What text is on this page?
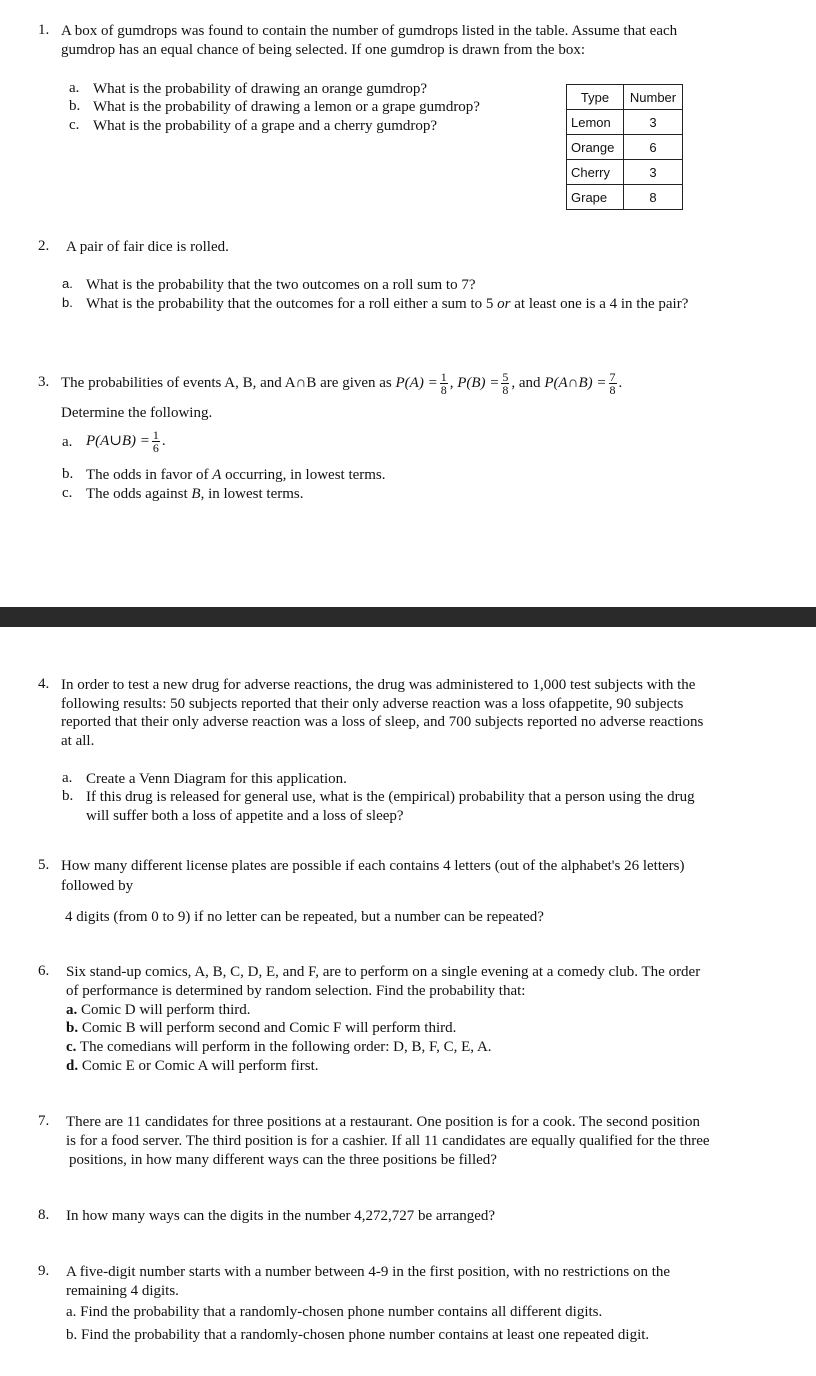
1. A box of gumdrops was found to contain the number of gumdrops listed in the table. Assume that each
gumdrop has an equal chance of being selected. If one gumdrop is drawn from the box:
a. What is the probability of drawing an orange gumdrop?
b. What is the probability of drawing a lemon or a grape gumdrop?
c. What is the probability of a grape and a cherry gumdrop?
Type	Number
Lemon	3
Orange	6
Cherry	3
Grape	8
2. A pair of fair dice is rolled.
a. What is the probability that the two outcomes on a roll sum to 7?
b. What is the probability that the outcomes for a roll either a sum to 5 or at least one is a 4 in the pair?
3. The probabilities of events A, B, and A∩B are given as $P(A) = \frac{1}{8}$ , $P(B) = \frac{5}{8}$ , and P(A∩B) = $\frac{7}{8}$ .
Determine the following.
a. P(A∪B) = $\frac{1}{6}$ .
b. The odds in favor of A occurring, in lowest terms.
c. The odds against B, in lowest terms.
4. In order to test a new drug for adverse reactions, the drug was administered to 1,000 test subjects with the
following results: 50 subjects reported that their only adverse reaction was a loss ofappetite, 90 subjects
reported that their only adverse reaction was a loss of sleep, and 700 subjects reported no adverse reactions
at all.
a. Create a Venn Diagram for this application.
b. If this drug is released for general use, what is the (empirical) probability that a person using the drug
will suffer both a loss of appetite and a loss of sleep?
5. How many different license plates are possible if each contains 4 letters (out of the alphabet's 26 letters)
followed by
4 digits (from 0 to 9) if no letter can be repeated, but a number can be repeated?
6. Six stand-up comics, A, B, C, D, E, and F, are to perform on a single evening at a comedy club. The order
of performance is determined by random selection. Find the probability that:
a. Comic D will perform third.
b. Comic B will perform second and Comic F will perform third.
c. The comedians will perform in the following order: D, B, F, C, E, A.
d. Comic E or Comic A will perform first.
7. There are 11 candidates for three positions at a restaurant. One position is for a cook. The second position
is for a food server. The third position is for a cashier. If all 11 candidates are equally qualified for the three
positions, in how many different ways can the three positions be filled?
8. In how many ways can the digits in the number 4,272,727 be arranged?
9. A five-digit number starts with a number between 4-9 in the first position, with no restrictions on the
remaining 4 digits.
a. Find the probability that a randomly-chosen phone number contains all different digits.
b. Find the probability that a randomly-chosen phone number contains at least one repeated digit.
